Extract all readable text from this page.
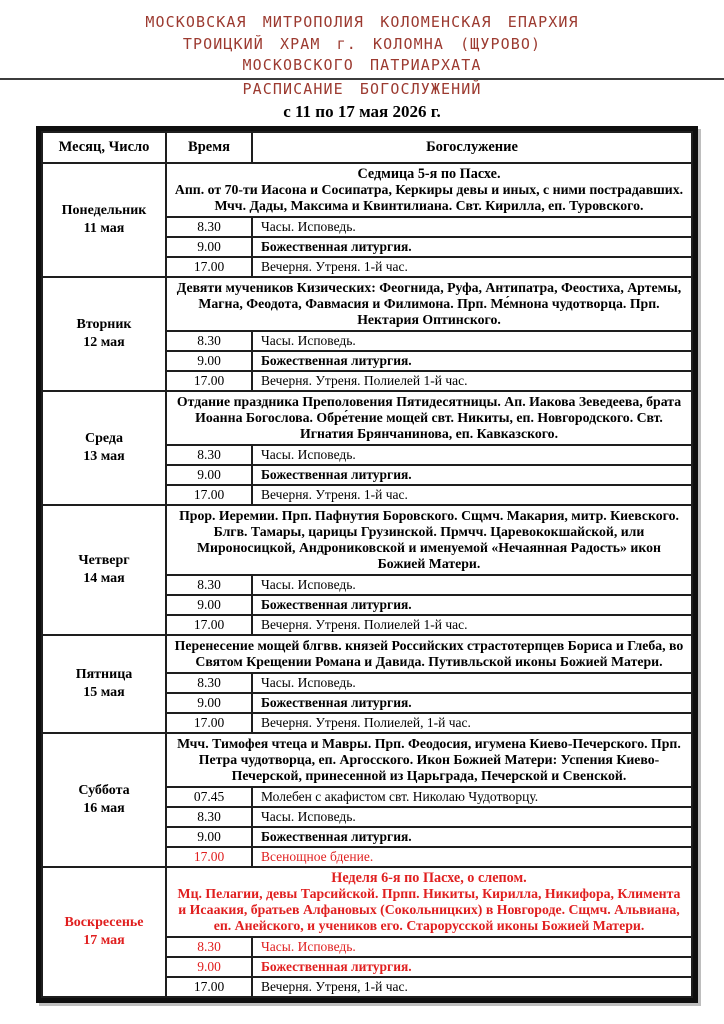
МОСКОВСКАЯ МИТРОПОЛИЯ КОЛОМЕНСКАЯ ЕПАРХИЯ
ТРОИЦКИЙ ХРАМ г. КОЛОМНА (ЩУРОВО)
МОСКОВСКОГО ПАТРИАРХАТА
РАСПИСАНИЕ БОГОСЛУЖЕНИЙ
с 11 по 17 мая 2026 г.
Месяц, Число	Время	Богослужение

Понедельник
11 мая

Седмица 5-я по Пасхе.
Апп. от 70-ти Иасона и Сосипатра, Керкиры девы и иных, с ними пострадавших. Мчч. Дады, Максима и Квинтилиана. Свт. Кирилла, еп. Туровского.

	8.30	Часы. Исповедь.
	9.00	Божественная литургия.
	17.00	Вечерня. Утреня. 1-й час.

Вторник
12 мая	Девяти мучеников Кизических: Феогнида, Руфа, Антипатра, Феостиха, Артемы, Магна, Феодота, Фавмасия и Филимона. Прп. Ме́мнона чудотворца. Прп. Нектария Оптинского.	

	8.30	Часы. Исповедь.
	9.00	Божественная литургия.
	17.00	Вечерня. Утреня. Полиелей 1-й час.

Среда
13 мая	Отдание праздника Преполовения Пятидесятницы. Ап. Иакова Зеведеева, брата Иоанна Богослова. Обре́тение мощей свт. Никиты, еп. Новгородского. Свт. Игнатия Брянчанинова, еп. Кавказского.	

	8.30	Часы. Исповедь.
	9.00	Божественная литургия.
	17.00	Вечерня. Утреня. 1-й час.

Четверг
14 мая	Прор. Иеремии. Прп. Пафнутия Боровского. Сщмч. Макария, митр. Киевского. Блгв. Тамары, царицы Грузинской. Прмчч. Царевококшайской, или Мироносицкой, Андрониковской и именуемой «Нечаянная Радость» икон Божией Матери.	

	8.30	Часы. Исповедь.
	9.00	Божественная литургия.
	17.00	Вечерня. Утреня. Полиелей 1-й час.

Пятница
15 мая	Перенесение мощей блгвв. князей Российских страстотерпцев Бориса и Глеба, во Святом Крещении Романа и Давида. Путивльской иконы Божией Матери.	

	8.30	Часы. Исповедь.
	9.00	Божественная литургия.
	17.00	Вечерня. Утреня. Полиелей, 1-й час.

Суббота
16 мая	Мчч. Тимофея чтеца и Мавры. Прп. Феодосия, игумена Киево-Печерского. Прп. Петра чудотворца, еп. Аргосского. Икон Божией Матери: Успения Киево-Печерской, принесенной из Царьграда, Печерской и Свенской.	

	07.45	Молебен с акафистом свт. Николаю Чудотворцу.
	8.30	Часы. Исповедь.
	9.00	Божественная литургия.
	17.00	Всенощное бдение.

Воскресенье
17 мая

Неделя 6-я по Пасхе, о слепом.
Мц. Пелагии, девы Тарсийской. Прпп. Никиты, Кирилла, Никифора, Климента и Исаакия, братьев Алфановых (Сокольницких) в Новгороде. Сщмч. Альвиана, еп. Анейского, и учеников его. Старорусской иконы Божией Матери.

	8.30	Часы. Исповедь.
	9.00	Божественная литургия.
	17.00	Вечерня. Утреня, 1-й час.
